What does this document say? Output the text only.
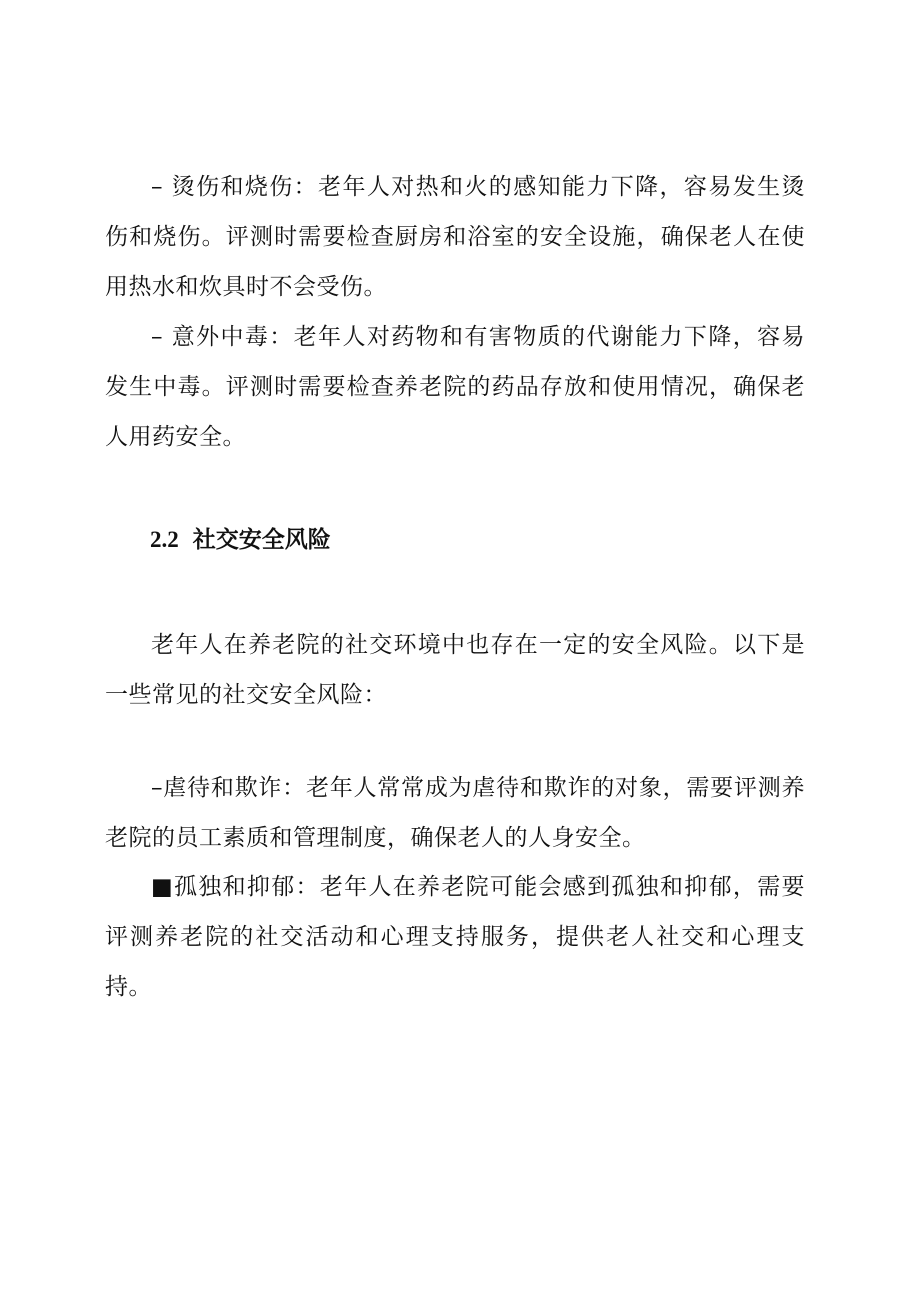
– 烫伤和烧伤：老年人对热和火的感知能力下降，容易发生烫伤和烧伤。评测时需要检查厨房和浴室的安全设施，确保老人在使用热水和炊具时不会受伤。

– 意外中毒：老年人对药物和有害物质的代谢能力下降，容易发生中毒。评测时需要检查养老院的药品存放和使用情况，确保老人用药安全。

2.2 社交安全风险

老年人在养老院的社交环境中也存在一定的安全风险。以下是一些常见的社交安全风险：

–虐待和欺诈：老年人常常成为虐待和欺诈的对象，需要评测养老院的员工素质和管理制度，确保老人的人身安全。

■孤独和抑郁：老年人在养老院可能会感到孤独和抑郁，需要评测养老院的社交活动和心理支持服务，提供老人社交和心理支持。
